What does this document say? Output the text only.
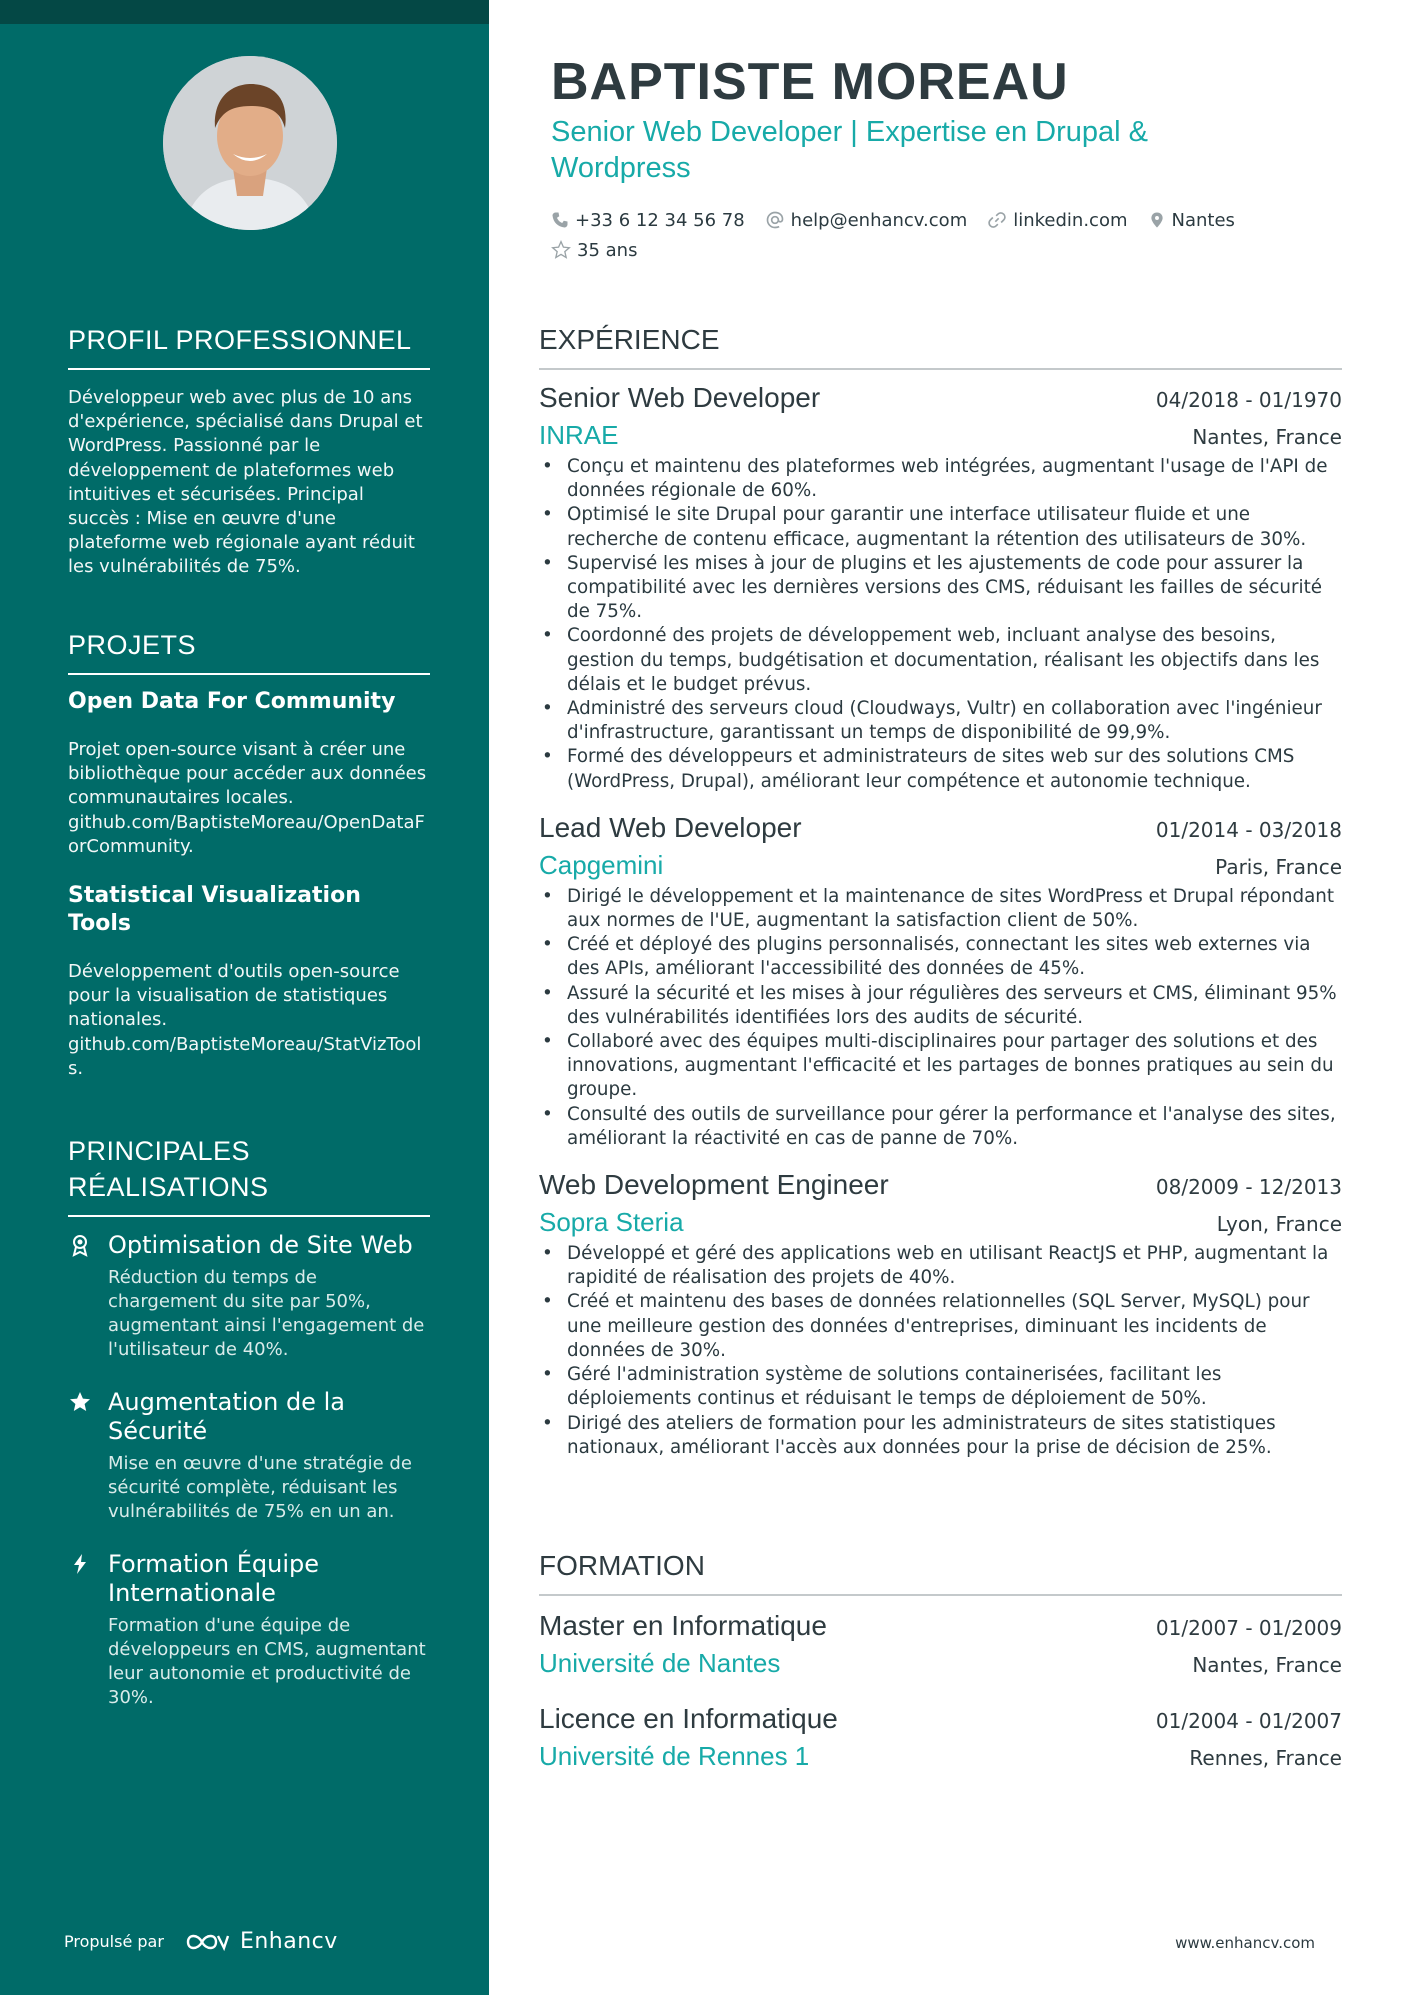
PROFIL PROFESSIONNEL
Développeur web avec plus de 10 ans d'expérience, spécialisé dans Drupal et WordPress. Passionné par le développement de plateformes web intuitives et sécurisées. Principal succès : Mise en œuvre d'une plateforme web régionale ayant réduit les vulnérabilités de 75%.
PROJETS
Open Data For Community
Projet open-source visant à créer une bibliothèque pour accéder aux données communautaires locales.
github.com/BaptisteMoreau/OpenDataForCommunity.
Statistical Visualization Tools
Développement d'outils open-source pour la visualisation de statistiques nationales.
github.com/BaptisteMoreau/StatVizTools.
PRINCIPALES RÉALISATIONS
Optimisation de Site Web
Réduction du temps de chargement du site par 50%, augmentant ainsi l'engagement de l'utilisateur de 40%.
Augmentation de la Sécurité
Mise en œuvre d'une stratégie de sécurité complète, réduisant les vulnérabilités de 75% en un an.
Formation Équipe Internationale
Formation d'une équipe de développeurs en CMS, augmentant leur autonomie et productivité de 30%.
Propulsé par	Enhancv
BAPTISTE MOREAU
Senior Web Developer | Expertise en Drupal & Wordpress
+33 6 12 34 56 78	help@enhancv.com	linkedin.com Nantes
35 ans
EXPÉRIENCE
Senior Web Developer	04/2018 - 01/1970
INRAE	Nantes, France
• Conçu et maintenu des plateformes web intégrées, augmentant l'usage de l'API de données régionale de 60%.
• Optimisé le site Drupal pour garantir une interface utilisateur fluide et une recherche de contenu efficace, augmentant la rétention des utilisateurs de 30%.
• Supervisé les mises à jour de plugins et les ajustements de code pour assurer la compatibilité avec les dernières versions des CMS, réduisant les failles de sécurité de 75%.
• Coordonné des projets de développement web, incluant analyse des besoins, gestion du temps, budgétisation et documentation, réalisant les objectifs dans les délais et le budget prévus.
• Administré des serveurs cloud (Cloudways, Vultr) en collaboration avec l'ingénieur d'infrastructure, garantissant un temps de disponibilité de 99,9%.
• Formé des développeurs et administrateurs de sites web sur des solutions CMS (WordPress, Drupal), améliorant leur compétence et autonomie technique.
Lead Web Developer	01/2014 - 03/2018
Capgemini	Paris, France
• Dirigé le développement et la maintenance de sites WordPress et Drupal répondant aux normes de l'UE, augmentant la satisfaction client de 50%.
• Créé et déployé des plugins personnalisés, connectant les sites web externes via des APIs, améliorant l'accessibilité des données de 45%.
• Assuré la sécurité et les mises à jour régulières des serveurs et CMS, éliminant 95% des vulnérabilités identifiées lors des audits de sécurité.
• Collaboré avec des équipes multi-disciplinaires pour partager des solutions et des innovations, augmentant l'efficacité et les partages de bonnes pratiques au sein du groupe.
• Consulté des outils de surveillance pour gérer la performance et l'analyse des sites, améliorant la réactivité en cas de panne de 70%.
Web Development Engineer	08/2009 - 12/2013
Sopra Steria	Lyon, France
• Développé et géré des applications web en utilisant ReactJS et PHP, augmentant la rapidité de réalisation des projets de 40%.
• Créé et maintenu des bases de données relationnelles (SQL Server, MySQL) pour une meilleure gestion des données d'entreprises, diminuant les incidents de données de 30%.
• Géré l'administration système de solutions containerisées, facilitant les déploiements continus et réduisant le temps de déploiement de 50%.
• Dirigé des ateliers de formation pour les administrateurs de sites statistiques nationaux, améliorant l'accès aux données pour la prise de décision de 25%.
FORMATION
Master en Informatique	01/2007 - 01/2009
Université de Nantes	Nantes, France
Licence en Informatique	01/2004 - 01/2007
Université de Rennes 1	Rennes, France
www.enhancv.com
